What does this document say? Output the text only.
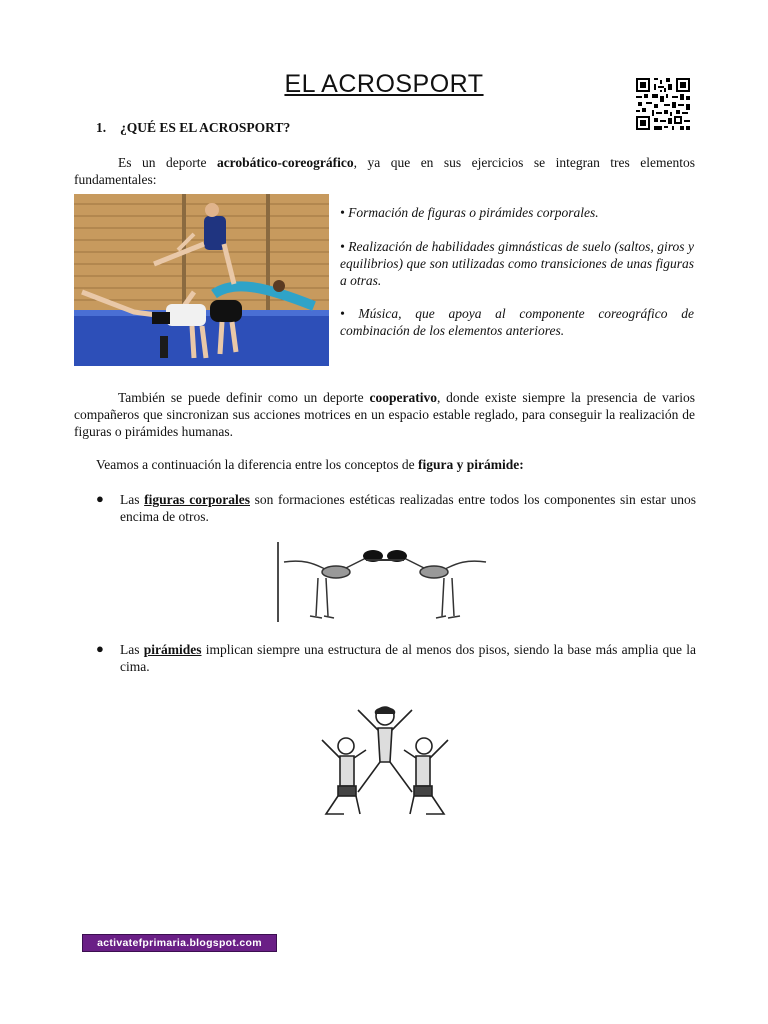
EL ACROSPORT
1. ¿QUÉ ES EL ACROSPORT?

Es un deporte acrobático-coreográfico, ya que en sus ejercicios se integran tres elementos fundamentales:

• Formación de figuras o pirámides corporales.

• Realización de habilidades gimnásticas de suelo (saltos, giros y equilibrios) que son utilizadas como transiciones de unas figuras a otras.

• Música, que apoya al componente coreográfico de combinación de los elementos anteriores.

También se puede definir como un deporte cooperativo, donde existe siempre la presencia de varios compañeros que sincronizan sus acciones motrices en un espacio estable reglado, para conseguir la realización de figuras o pirámides humanas.

Veamos a continuación la diferencia entre los conceptos de figura y pirámide:

● Las figuras corporales son formaciones estéticas realizadas entre todos los componentes sin estar unos encima de otros.

● Las pirámides implican siempre una estructura de al menos dos pisos, siendo la base más amplia que la cima.

activatefprimaria.blogspot.com
